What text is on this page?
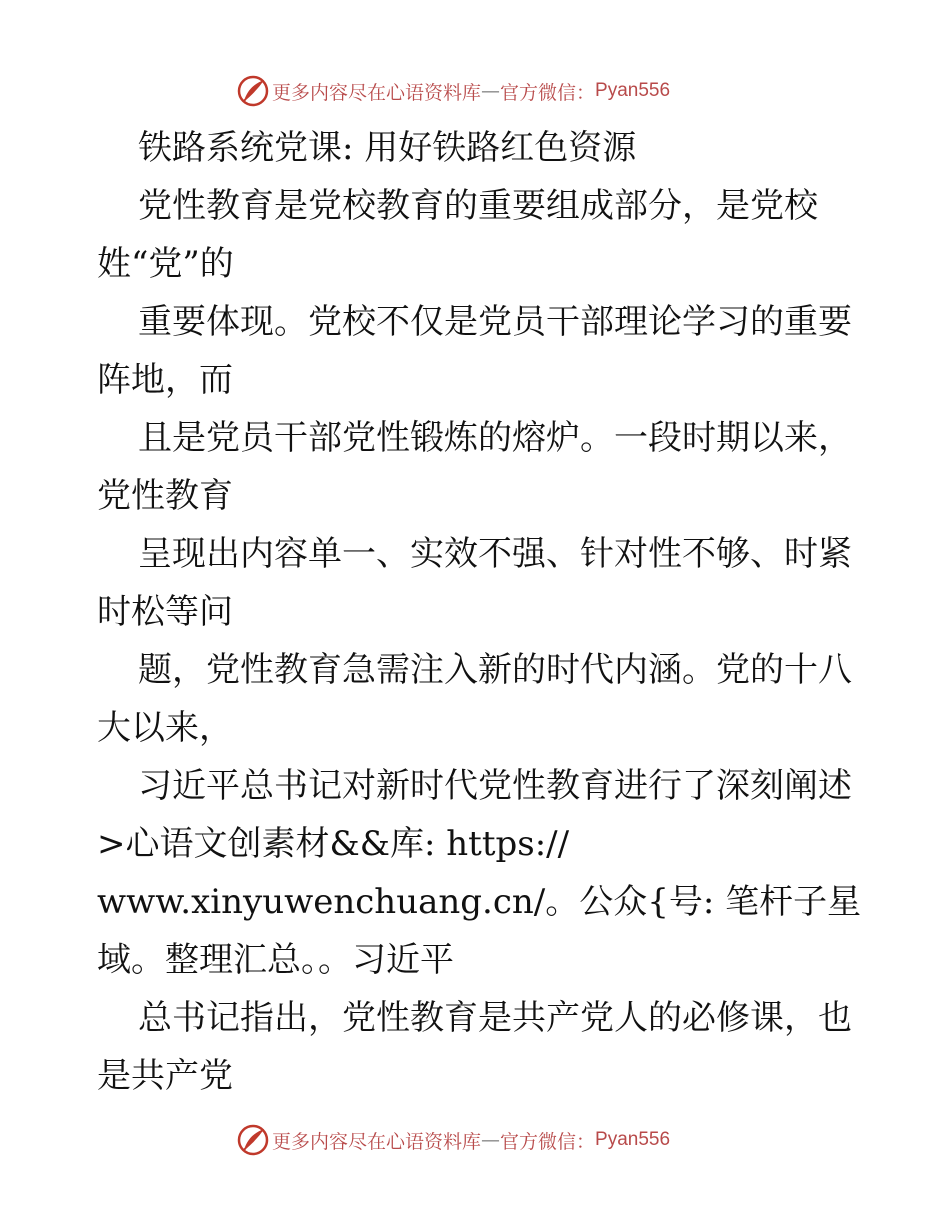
更多内容尽在心语资料库 — 官方微信： Pyan556
铁路系统党课: 用好铁路红色资源
党性教育是党校教育的重要组成部分，是党校
姓“党”的
重要体现。党校不仅是党员干部理论学习的重要
阵地，而
且是党员干部党性锻炼的熔炉。一段时期以来，
党性教育
呈现出内容单一、实效不强、针对性不够、时紧
时松等问
题，党性教育急需注入新的时代内涵。党的十八
大以来，
习近平总书记对新时代党性教育进行了深刻阐述
>心语文创素材&&库: https://
www.xinyuwenchuang.cn/。公众{号: 笔杆子星
域。整理汇总。。习近平
总书记指出，党性教育是共产党人的必修课，也
是共产党
更多内容尽在心语资料库 — 官方微信： Pyan556
